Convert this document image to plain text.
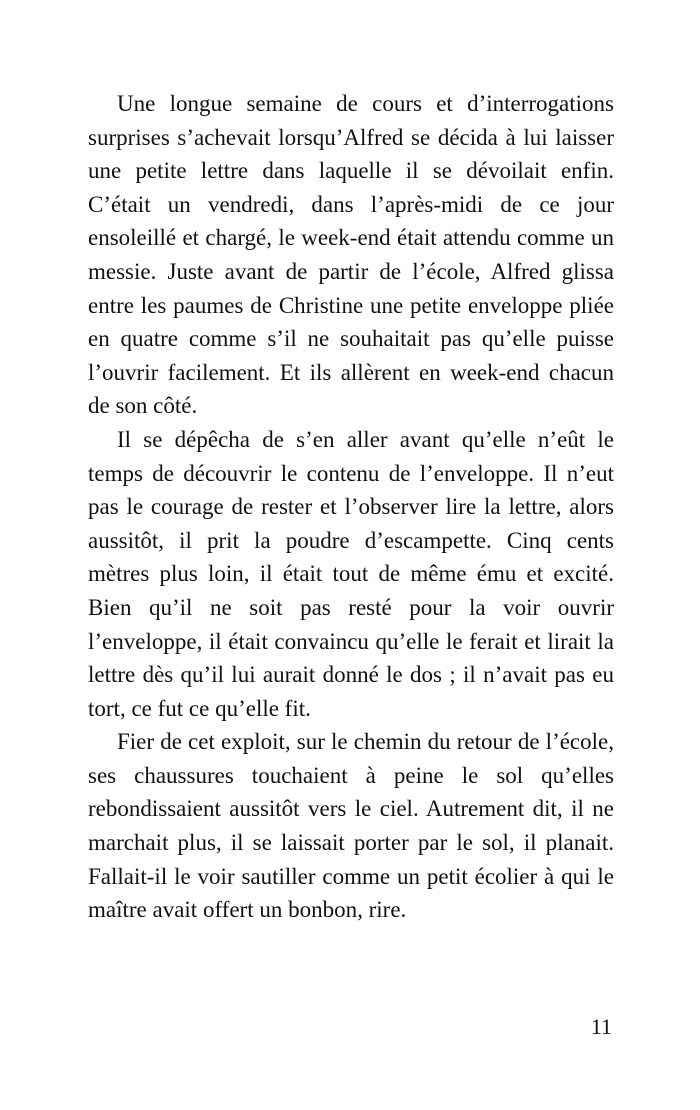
Une longue semaine de cours et d’interrogations surprises s’achevait lorsqu’Alfred se décida à lui laisser une petite lettre dans laquelle il se dévoilait enfin. C’était un vendredi, dans l’après-midi de ce jour ensoleillé et chargé, le week-end était attendu comme un messie. Juste avant de partir de l’école, Alfred glissa entre les paumes de Christine une petite enveloppe pliée en quatre comme s’il ne souhaitait pas qu’elle puisse l’ouvrir facilement. Et ils allèrent en week-end chacun de son côté.

Il se dépêcha de s’en aller avant qu’elle n’eût le temps de découvrir le contenu de l’enveloppe. Il n’eut pas le courage de rester et l’observer lire la lettre, alors aussitôt, il prit la poudre d’escampette. Cinq cents mètres plus loin, il était tout de même ému et excité. Bien qu’il ne soit pas resté pour la voir ouvrir l’enveloppe, il était convaincu qu’elle le ferait et lirait la lettre dès qu’il lui aurait donné le dos ; il n’avait pas eu tort, ce fut ce qu’elle fit.

Fier de cet exploit, sur le chemin du retour de l’école, ses chaussures touchaient à peine le sol qu’elles rebondissaient aussitôt vers le ciel. Autrement dit, il ne marchait plus, il se laissait porter par le sol, il planait. Fallait-il le voir sautiller comme un petit écolier à qui le maître avait offert un bonbon, rire.

11
